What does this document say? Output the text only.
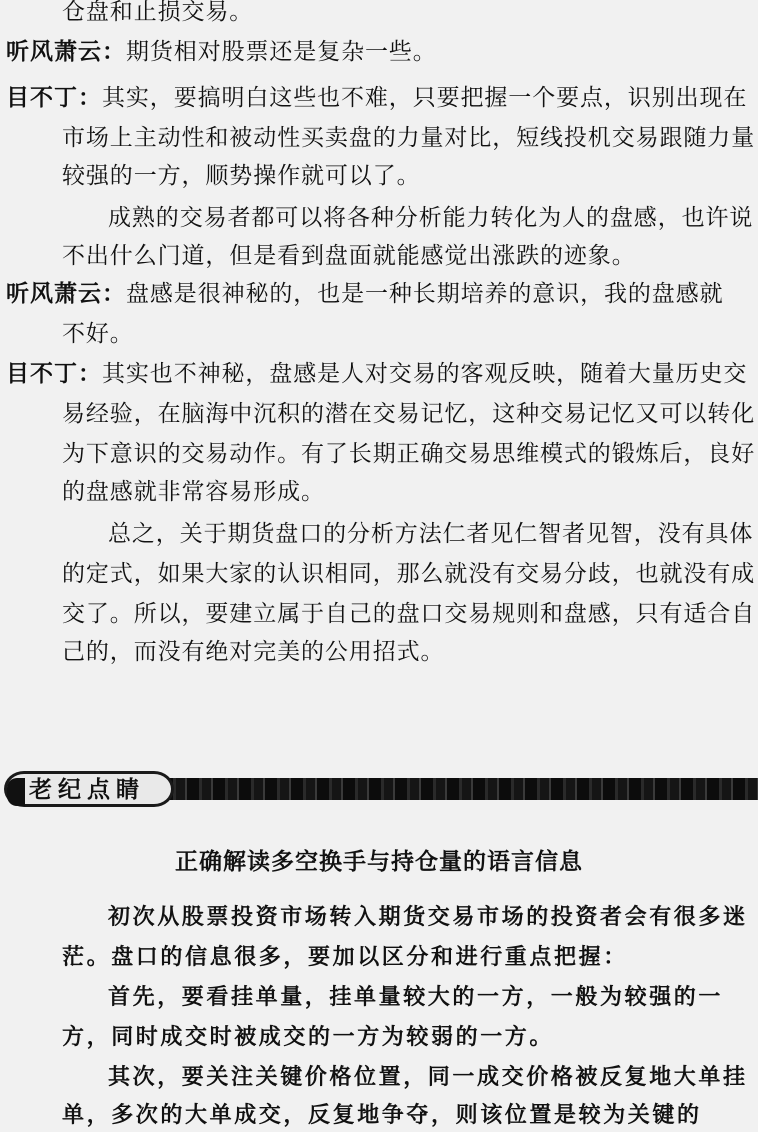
仓盘和止损交易。
听风萧云：期货相对股票还是复杂一些。
目不丁：其实，要搞明白这些也不难，只要把握一个要点，识别出现在
市场上主动性和被动性买卖盘的力量对比，短线投机交易跟随力量
较强的一方，顺势操作就可以了。
成熟的交易者都可以将各种分析能力转化为人的盘感，也许说
不出什么门道，但是看到盘面就能感觉出涨跌的迹象。
听风萧云：盘感是很神秘的，也是一种长期培养的意识，我的盘感就
不好。
目不丁：其实也不神秘，盘感是人对交易的客观反映，随着大量历史交
易经验，在脑海中沉积的潜在交易记忆，这种交易记忆又可以转化
为下意识的交易动作。有了长期正确交易思维模式的锻炼后，良好
的盘感就非常容易形成。
总之，关于期货盘口的分析方法仁者见仁智者见智，没有具体
的定式，如果大家的认识相同，那么就没有交易分歧，也就没有成
交了。所以，要建立属于自己的盘口交易规则和盘感，只有适合自
己的，而没有绝对完美的公用招式。
老纪点睛
正确解读多空换手与持仓量的语言信息
初次从股票投资市场转入期货交易市场的投资者会有很多迷
茫。盘口的信息很多，要加以区分和进行重点把握：
首先，要看挂单量，挂单量较大的一方，一般为较强的一
方，同时成交时被成交的一方为较弱的一方。
其次，要关注关键价格位置，同一成交价格被反复地大单挂
单，多次的大单成交，反复地争夺，则该位置是较为关键的
